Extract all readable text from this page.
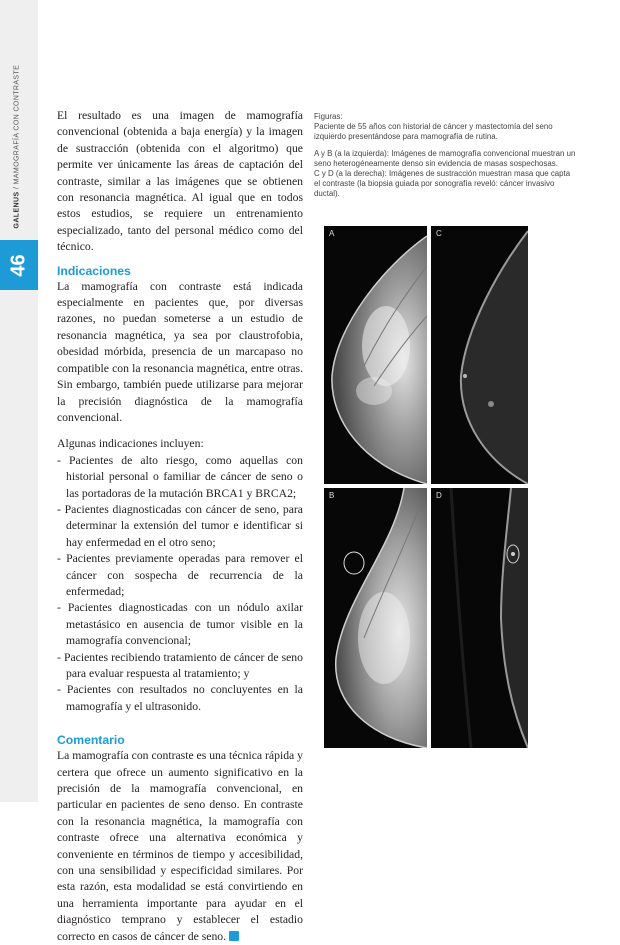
GALENUS / MAMOGRAFÍA CON CONTRASTE
46

El resultado es una imagen de mamografía convencional (obtenida a baja energía) y la imagen de sustracción (obtenida con el algoritmo) que permite ver únicamente las áreas de captación del contraste, similar a las imágenes que se obtienen con resonancia magnética. Al igual que en todos estos estudios, se requiere un entrenamiento especializado, tanto del personal médico como del técnico.

Indicaciones

La mamografía con contraste está indicada especialmente en pacientes que, por diversas razones, no puedan someterse a un estudio de resonancia magnética, ya sea por claustrofobia, obesidad mórbida, presencia de un marcapaso no compatible con la resonancia magnética, entre otras. Sin embargo, también puede utilizarse para mejorar la precisión diagnóstica de la mamografía convencional.

Algunas indicaciones incluyen:

- Pacientes de alto riesgo, como aquellas con historial personal o familiar de cáncer de seno o las portadoras de la mutación BRCA1 y BRCA2;
- Pacientes diagnosticadas con cáncer de seno, para determinar la extensión del tumor e identificar si hay enfermedad en el otro seno;
- Pacientes previamente operadas para remover el cáncer con sospecha de recurrencia de la enfermedad;
- Pacientes diagnosticadas con un nódulo axilar metastásico en ausencia de tumor visible en la mamografía convencional;
- Pacientes recibiendo tratamiento de cáncer de seno para evaluar respuesta al tratamiento; y
- Pacientes con resultados no concluyentes en la mamografía y el ultrasonido.
Comentario

La mamografía con contraste es una técnica rápida y certera que ofrece un aumento significativo en la precisión de la mamografía convencional, en particular en pacientes de seno denso. En contraste con la resonancia magnética, la mamografía con contraste ofrece una alternativa económica y conveniente en términos de tiempo y accesibilidad, con una sensibilidad y especificidad similares. Por esta razón, esta modalidad se está convirtiendo en una herramienta importante para ayudar en el diagnóstico temprano y establecer el estadio correcto en casos de cáncer de seno.

Figuras:

Paciente de 55 años con historial de cáncer y mastectomía del seno izquierdo presentándose para mamografía de rutina.

A y B (a la izquierda): Imágenes de mamografía convencional muestran un seno heterogéneamente denso sin evidencia de masas sospechosas.

C y D (a la derecha): Imágenes de sustracción muestran masa que capta el contraste (la biopsia guiada por sonografía reveló: cáncer invasivo ductal).

A	C
B	D
